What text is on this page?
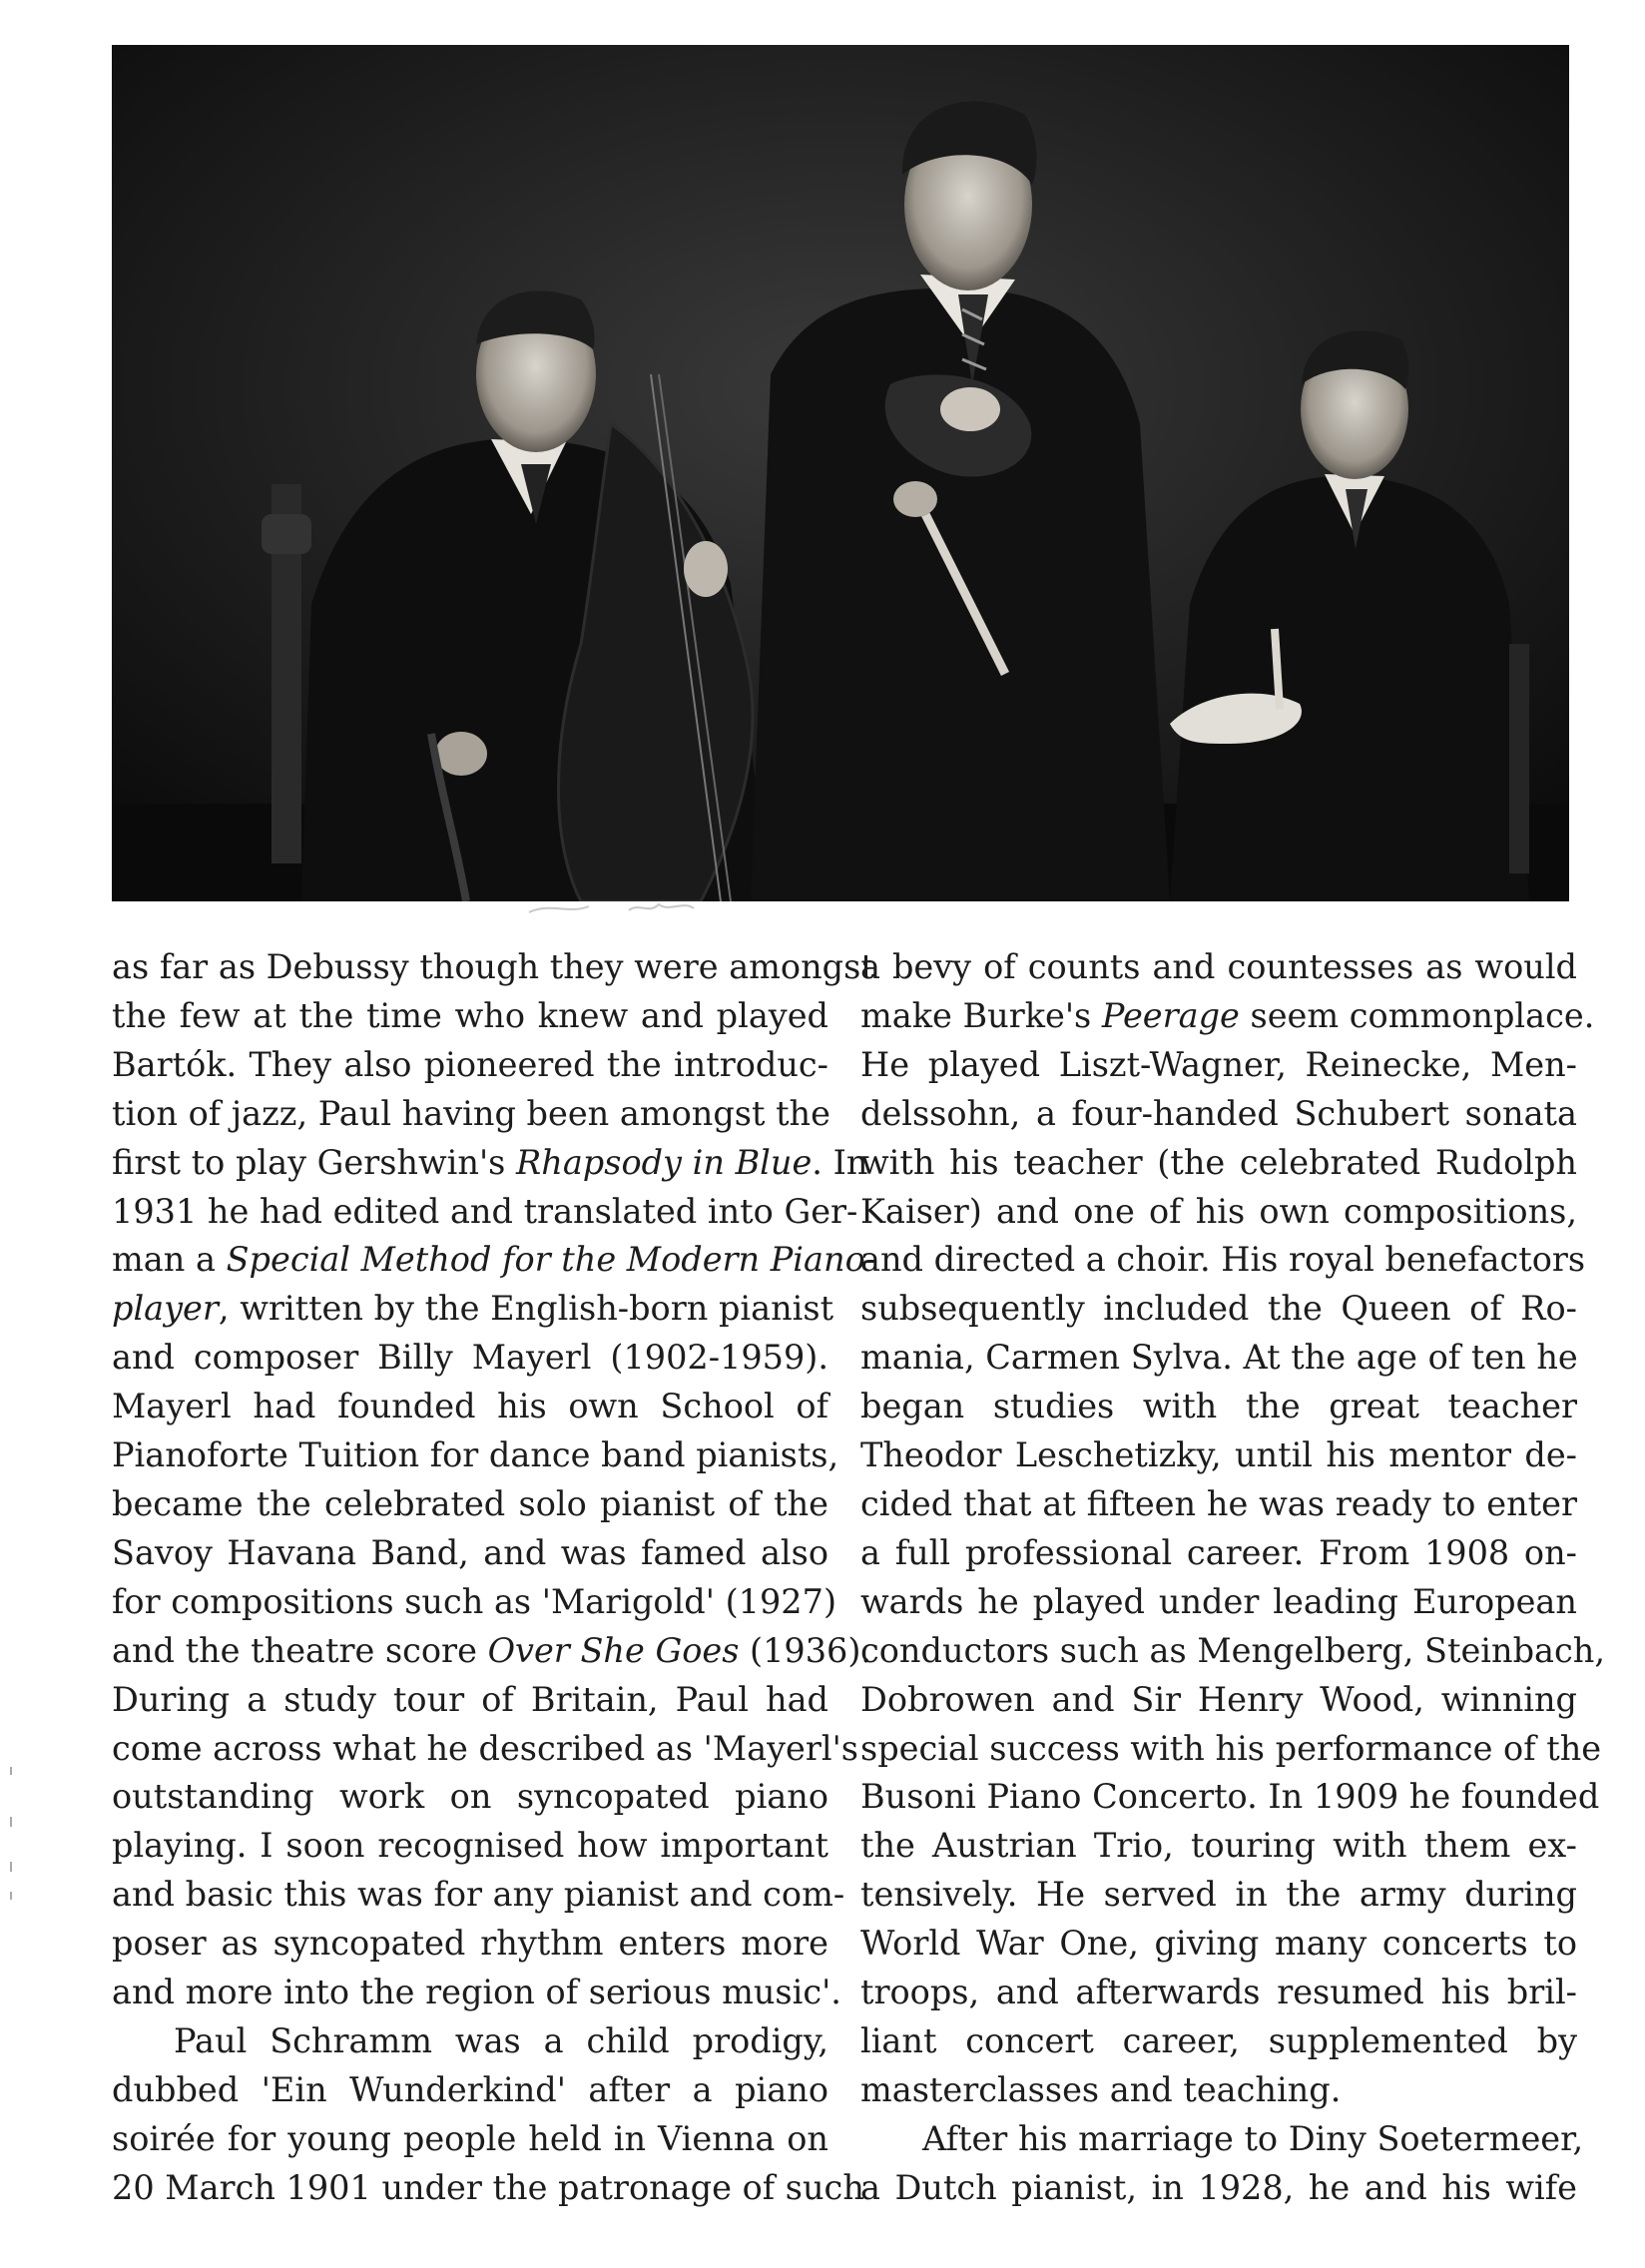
as far as Debussy though they were amongst
the few at the time who knew and played
Bartók. They also pioneered the introduc-
tion of jazz, Paul having been amongst the
first to play Gershwin's Rhapsody in Blue. In
1931 he had edited and translated into Ger-
man a Special Method for the Modern Piano-
player, written by the English-born pianist
and composer Billy Mayerl (1902-1959).
Mayerl had founded his own School of
Pianoforte Tuition for dance band pianists,
became the celebrated solo pianist of the
Savoy Havana Band, and was famed also
for compositions such as 'Marigold' (1927)
and the theatre score Over She Goes (1936).
During a study tour of Britain, Paul had
come across what he described as 'Mayerl's
outstanding work on syncopated piano
playing. I soon recognised how important
and basic this was for any pianist and com-
poser as syncopated rhythm enters more
and more into the region of serious music'.

Paul Schramm was a child prodigy,
dubbed 'Ein Wunderkind' after a piano
soirée for young people held in Vienna on
20 March 1901 under the patronage of such

a bevy of counts and countesses as would
make Burke's Peerage seem commonplace.
He played Liszt-Wagner, Reinecke, Men-
delssohn, a four-handed Schubert sonata
with his teacher (the celebrated Rudolph
Kaiser) and one of his own compositions,
and directed a choir. His royal benefactors
subsequently included the Queen of Ro-
mania, Carmen Sylva. At the age of ten he
began studies with the great teacher
Theodor Leschetizky, until his mentor de-
cided that at fifteen he was ready to enter
a full professional career. From 1908 on-
wards he played under leading European
conductors such as Mengelberg, Steinbach,
Dobrowen and Sir Henry Wood, winning
special success with his performance of the
Busoni Piano Concerto. In 1909 he founded
the Austrian Trio, touring with them ex-
tensively. He served in the army during
World War One, giving many concerts to
troops, and afterwards resumed his bril-
liant concert career, supplemented by
masterclasses and teaching.

After his marriage to Diny Soetermeer,
a Dutch pianist, in 1928, he and his wife
